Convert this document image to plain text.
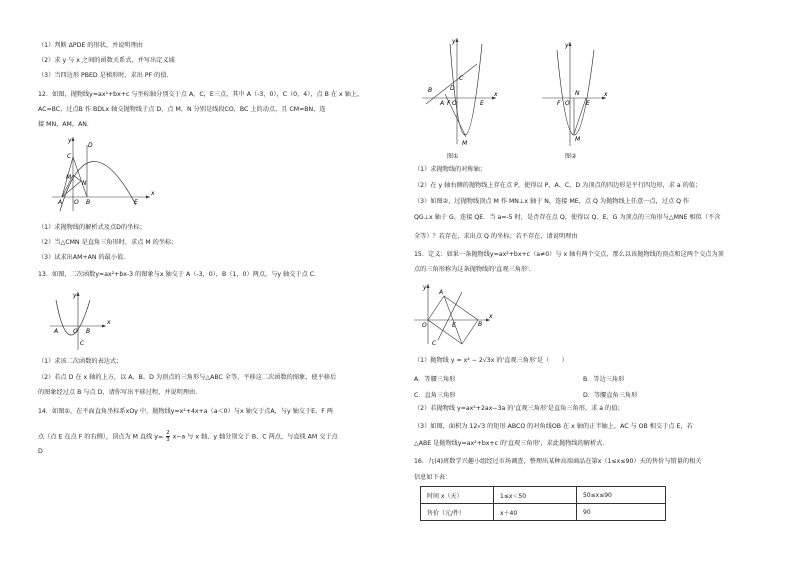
（1）判断 ΔPDE 的形状，并说明理由
（2）求 y 与 x 之间的函数关系式，并写出定义域
（3）当四边形 PBED 是梯形时，求出 PF 的值.
12．如图，抛物线y=ax²+bx+c 与坐标轴分别交于点 A，C，E三点，其中 A（-3，0），C（0，4），点 B 在 x 轴上，
AC=BC，过点B 作 BDLx 轴交抛物线于点 D，点 M，N 分别是线段CO，BC 上的动点，且 CM=BN，连
接 MN，AM，AN．
y
x
D
C
M
N
A O B	E
（1）求抛物线的解析式及点D的坐标；
（2）当△CMN 是直角三角形时，求点 M 的坐标；
（3）试求出AM+AN 的最小值．
13．如图，二次函数y=ax²+bx-3 的图象与x 轴交于 A（-3，0），B（1，0）两点，与y 轴交于点 C．
y
x
A O B
C
（1）求该二次函数的表达式；
（2）若点 D 在 x 轴的上方，以 A、B、D 为顶点的三角形与△ABC 全等，平移这二次函数的图象，使平移后
的图象经过点 B 与点 D，请你写出平移过程，并说明理由．
14．如图①，在平面直角坐标系xOy 中，抛物线y=x²+4x+a（a＜0）与x 轴交于点A，与y 轴交于E、F 两
点（点 E 在点 F 的右侧），顶点为 M 直线 $y= \frac{2}{3} x-a$ 与 x 轴、y 轴分别交于 B、C 两点，与直线 AM 交于点
D
y
x
D
C
B
A O
F	E
M
图①
y
x
F O
N
E
M
图②
（1）求抛物线的对称轴；
（2）在 y 轴右侧的抛物线上存在点 P，使得以 P、A、C、D 为顶点的四边形是平行四边形，求 a 的值；
（3）如图②，过抛物线顶点 M 作 MN⊥x 轴于 N，连接 ME，点 Q 为抛物线上任意一点，过点 Q 作
QG⊥x 轴于 G，连接 QE．当 a=-5 时，是否存在点 Q，使得以 Q、E、G 为顶点的三角形与△MNE 相似（不含
全等）？若存在，求出点 Q 的坐标；若不存在，请说明理由
15．定义：如果一条抛物线y=ax²+bx+c（a≠0）与 x 轴有两个交点，那么以该抛物线的顶点和这两个交点为顶
点的三角形称为这条抛物线的'直观三角形'.
y
x
A
B
O	E
C
（1）抛物线 y = x² − 2√3x 的'直观三角形'是（　　）
A．等腰三角形	B．等边三角形
C．直角三角形	D．等腰直角三角形
（2）若抛物线 y=ax²+2ax−3a 的'直观三角形'是直角三角形，求 a 的值；
（3）如图，面积为 12√3 的矩形 ABCO 的对角线OB 在 x 轴的正半轴上，AC 与 OB 相交于点 E，若
△ABE 是抛物线y=ax²+bx+c 的'直观三角形'，求此抛物线的解析式．
16．九(4)班数学兴趣小组经过市场调查，整理出某种高端商品在第x（1≤x≤90）天的售价与销量的相关
信息如下表：
时间 x（天）	1≤x＜50	50≤x≤90
售价（元/件）	x＋40	90
